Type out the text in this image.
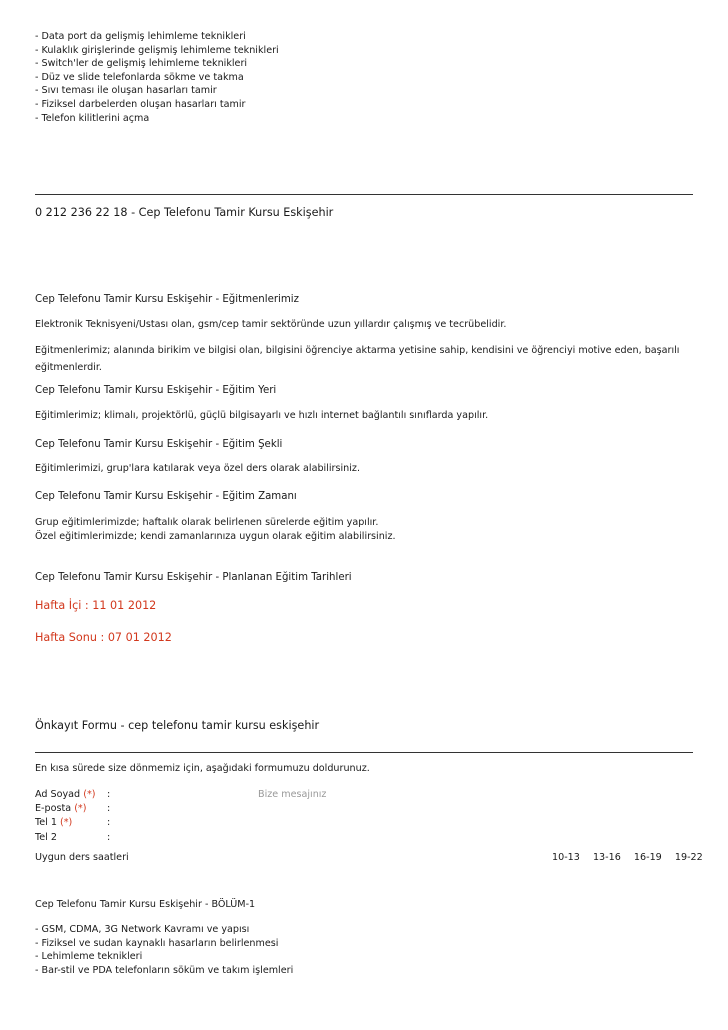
- Data port da gelişmiş lehimleme teknikleri
- Kulaklık girişlerinde gelişmiş lehimleme teknikleri
- Switch'ler de gelişmiş lehimleme teknikleri
- Düz ve slide telefonlarda sökme ve takma
- Sıvı teması ile oluşan hasarları tamir
- Fiziksel darbelerden oluşan hasarları tamir
- Telefon kilitlerini açma
0 212 236 22 18 - Cep Telefonu Tamir Kursu Eskişehir
Cep Telefonu Tamir Kursu Eskişehir - Eğitmenlerimiz
Elektronik Teknisyeni/Ustası olan, gsm/cep tamir sektöründe uzun yıllardır çalışmış ve tecrübelidir.
Eğitmenlerimiz; alanında birikim ve bilgisi olan, bilgisini öğrenciye aktarma yetisine sahip, kendisini ve öğrenciyi motive eden, başarılı eğitmenlerdir.
Cep Telefonu Tamir Kursu Eskişehir - Eğitim Yeri
Eğitimlerimiz; klimalı, projektörlü, güçlü bilgisayarlı ve hızlı internet bağlantılı sınıflarda yapılır.
Cep Telefonu Tamir Kursu Eskişehir - Eğitim Şekli
Eğitimlerimizi, grup'lara katılarak veya özel ders olarak alabilirsiniz.
Cep Telefonu Tamir Kursu Eskişehir - Eğitim Zamanı
Grup eğitimlerimizde; haftalık olarak belirlenen sürelerde eğitim yapılır.
Özel eğitimlerimizde; kendi zamanlarınıza uygun olarak eğitim alabilirsiniz.
Cep Telefonu Tamir Kursu Eskişehir - Planlanan Eğitim Tarihleri
Hafta İçi : 11 01 2012
Hafta Sonu : 07 01 2012
Önkayıt Formu - cep telefonu tamir kursu eskişehir
En kısa sürede size dönmemiz için, aşağıdaki formumuzu doldurunuz.
Ad Soyad (*) :
E-posta (*) :
Tel 1 (*)	:
Tel 2	:
Bize mesajınız
Uygun ders saatleri	10-13 13-16 16-19 19-22
Cep Telefonu Tamir Kursu Eskişehir - BÖLÜM-1
- GSM, CDMA, 3G Network Kavramı ve yapısı
- Fiziksel ve sudan kaynaklı hasarların belirlenmesi
- Lehimleme teknikleri
- Bar-stil ve PDA telefonların söküm ve takım işlemleri
